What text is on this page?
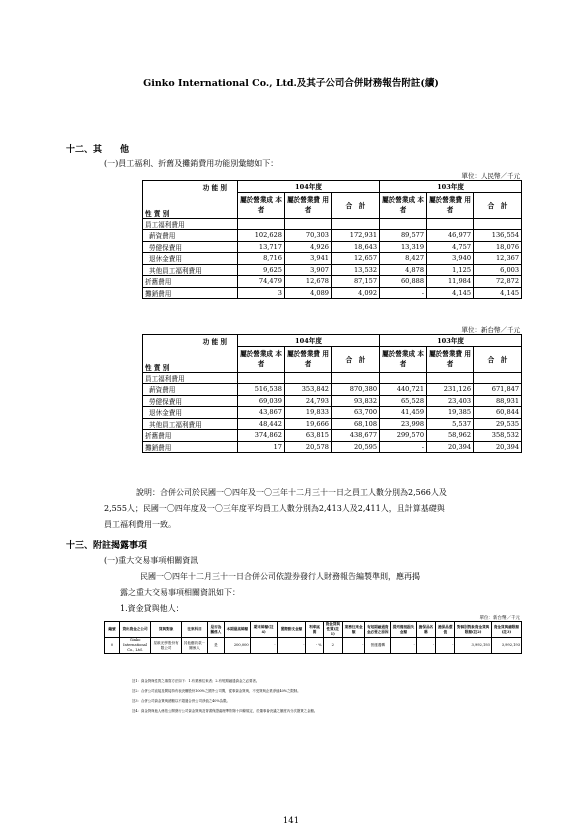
Ginko International Co., Ltd.及其子公司合併財務報告附註(續)
十二、其　　他
(一)員工福利、折舊及攤銷費用功能別彙總如下：
單位：人民幣／千元
功 能 別	104年度			103年度		
性 質 別	屬於營業成 本 者	屬於營業費 用 者	合　計	屬於營業成 本 者	屬於營業費 用 者	合　計
員工福利費用						
薪資費用	102,628	70,303	172,931	89,577	46,977	136,554
勞健保費用	13,717	4,926	18,643	13,319	4,757	18,076
退休金費用	8,716	3,941	12,657	8,427	3,940	12,367
其他員工福利費用	9,625	3,907	13,532	4,878	1,125	6,003
折舊費用	74,479	12,678	87,157	60,888	11,984	72,872
攤銷費用	3	4,089	4,092	-	4,145	4,145
單位：新台幣／千元
功 能 別	104年度			103年度		
性 質 別	屬於營業成 本 者	屬於營業費 用 者	合　計	屬於營業成 本 者	屬於營業費 用 者	合　計
員工福利費用						
薪資費用	516,538	353,842	870,380	440,721	231,126	671,847
勞健保費用	69,039	24,793	93,832	65,528	23,403	88,931
退休金費用	43,867	19,833	63,700	41,459	19,385	60,844
其他員工福利費用	48,442	19,666	68,108	23,998	5,537	29,535
折舊費用	374,862	63,815	438,677	299,570	58,962	358,532
攤銷費用	17	20,578	20,595	-	20,394	20,394
說明：合併公司於民國一〇四年及一〇三年十二月三十一日之員工人數分別為2,566人及
2,555人；民國一〇四年度及一〇三年度平均員工人數分別為2,413人及2,411人，且計算基礎與
員工福利費用一致。
十三、附註揭露事項
(一)重大交易事項相關資訊
民國一〇四年十二月三十一日合併公司依證券發行人財務報告編製準則，應再揭
露之重大交易事項相關資訊如下：
1.資金貸與他人：
單位：新台幣／千元
編號	貸出資金之公司	貸與對象	往來科目	是否為關係人	本期最高餘額	期末餘額(註4)	實際動支金額	利率區間	資金貸與性質(註1)	業務往來金額	有短期融通資金必要之原因	提列備抵損失金額	擔保品名稱	擔保品價值	對個別對象資金貸與限額(註2)	資金貸與總限額(註3)
0	Ginko International Co., Ltd.	星歐光學股份有限公司	其他應收款－關係人	是	200,000	-	-	- %	2	-	營運週轉	-	-	-	3,992,193	3,992,193
註1：資金貸與性質之填寫方法如下：1.有業務往來者；2.有短期融通資金之必要者。
註2：合併公司直接及間接持有表決權股份100%之國外公司間，從事資金貸與，不受貸與企業淨值40%之限制。
註3：合併公司資金貸與總額以不超過合併公司淨值之40%為限。
註4：資金貸與他人係依公開發行公司資金貸與及背書保證處理準則第十四條規定，於董事會決議之額度內分次撥貸之金額。
141
